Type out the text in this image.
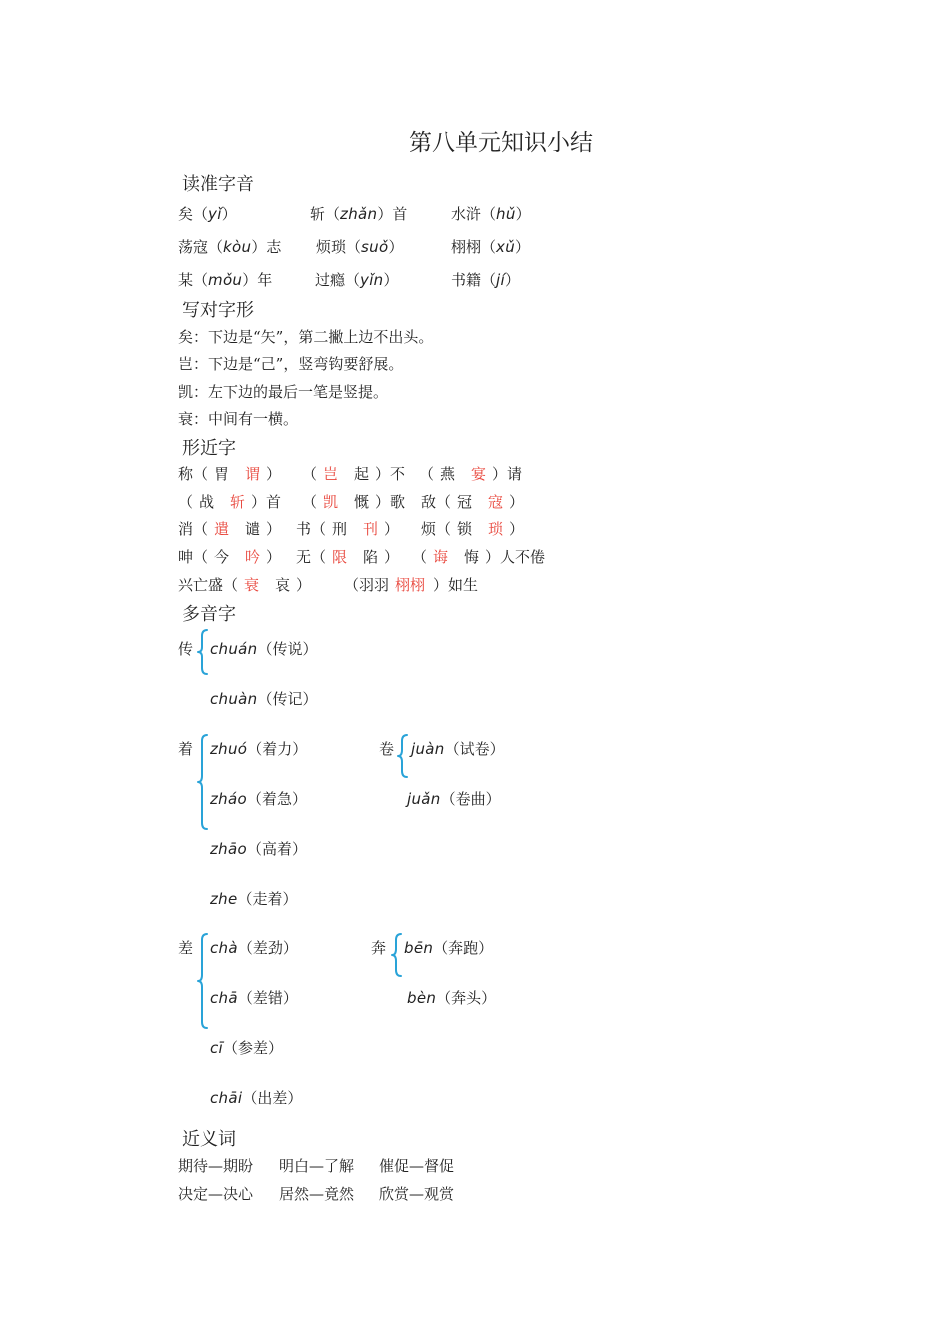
第八单元知识小结
读准字音
矣（yǐ）	斩（zhǎn）首	水浒（hǔ）
荡寇（kòu）志 烦琐（suǒ）	栩栩（xǔ）
某（mǒu）年	过瘾（yǐn）	书籍（jí）
写对字形
矣：下边是“矢”，第二撇上边不出头。
岂：下边是“己”，竖弯钩要舒展。
凯：左下边的最后一笔是竖提。
衰：中间有一横。
形近字
称（ 胃 谓 ） （ 岂 起 ）不 （ 燕 宴 ）请
（ 战 斩 ）首 （ 凯 慨 ）歌 敌（ 冠 寇 ）
消（ 遣 谴 ） 书（ 刑 刊 ） 烦（ 锁 琐 ）
呻（ 今 吟 ） 无（ 限 陷 ） （ 诲 悔 ）人不倦
兴亡盛（ 衰 哀 ） （羽羽 栩栩 ）如生
多音字
传 chuán（传说）
chuàn（传记）
着 zhuó（着力）
zháo（着急）
zhāo（高着）
zhe（走着）
卷 juàn（试卷）
juǎn（卷曲）
差 chà（差劲）
chā（差错）
cī（参差）
chāi（出差）
奔 bēn（奔跑）
bèn（奔头）
近义词
期待—期盼 明白—了解 催促—督促
决定—决心 居然—竟然 欣赏—观赏
